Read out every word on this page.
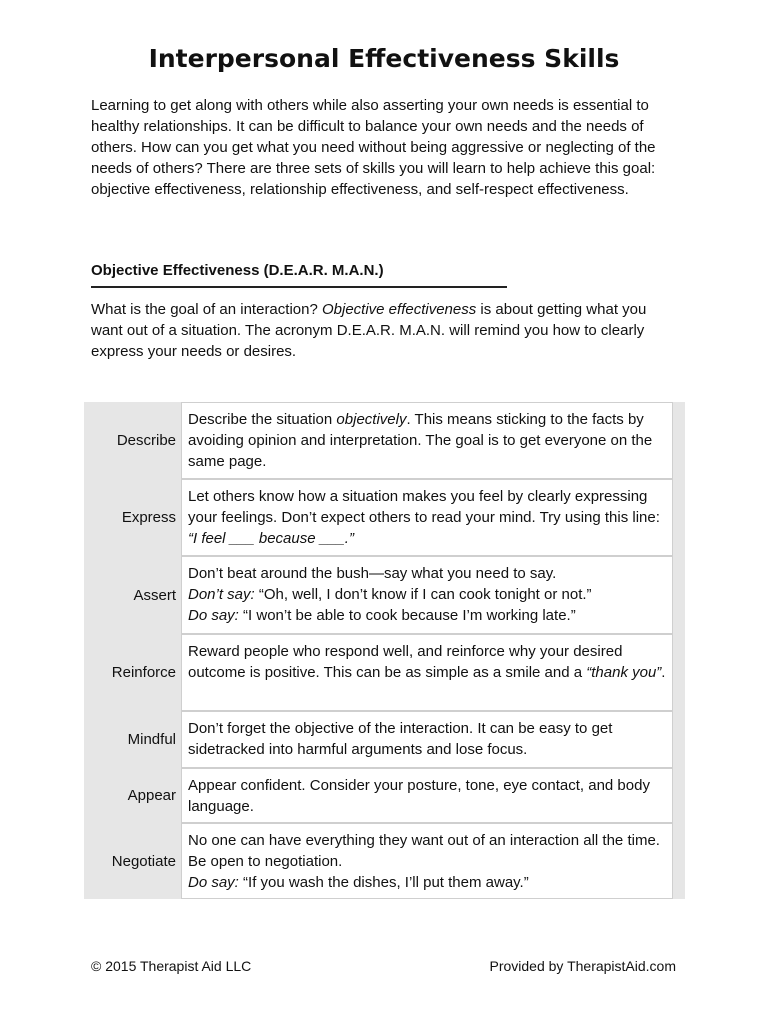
Interpersonal Effectiveness Skills

Learning to get along with others while also asserting your own needs is essential to healthy relationships. It can be difficult to balance your own needs and the needs of others. How can you get what you need without being aggressive or neglecting of the needs of others? There are three sets of skills you will learn to help achieve this goal: objective effectiveness, relationship effectiveness, and self-respect effectiveness.

Objective Effectiveness (D.E.A.R. M.A.N.)

What is the goal of an interaction? Objective effectiveness is about getting what you want out of a situation. The acronym D.E.A.R. M.A.N. will remind you how to clearly express your needs or desires.

Describe

Describe the situation objectively. This means sticking to the facts by avoiding opinion and interpretation. The goal is to get everyone on the same page.

Express

Let others know how a situation makes you feel by clearly expressing your feelings. Don’t expect others to read your mind. Try using this line: “I feel ___ because ___.”

Assert

Don’t beat around the bush—say what you need to say.

Don’t say: “Oh, well, I don’t know if I can cook tonight or not.”

Do say: “I won’t be able to cook because I’m working late.”

Reinforce

Reward people who respond well, and reinforce why your desired outcome is positive. This can be as simple as a smile and a “thank you”.

Mindful

Don’t forget the objective of the interaction. It can be easy to get sidetracked into harmful arguments and lose focus.

Appear

Appear confident. Consider your posture, tone, eye contact, and body language.

Negotiate

No one can have everything they want out of an interaction all the time. Be open to negotiation.

Do say: “If you wash the dishes, I’ll put them away.”

© 2015 Therapist Aid LLC	Provided by TherapistAid.com
